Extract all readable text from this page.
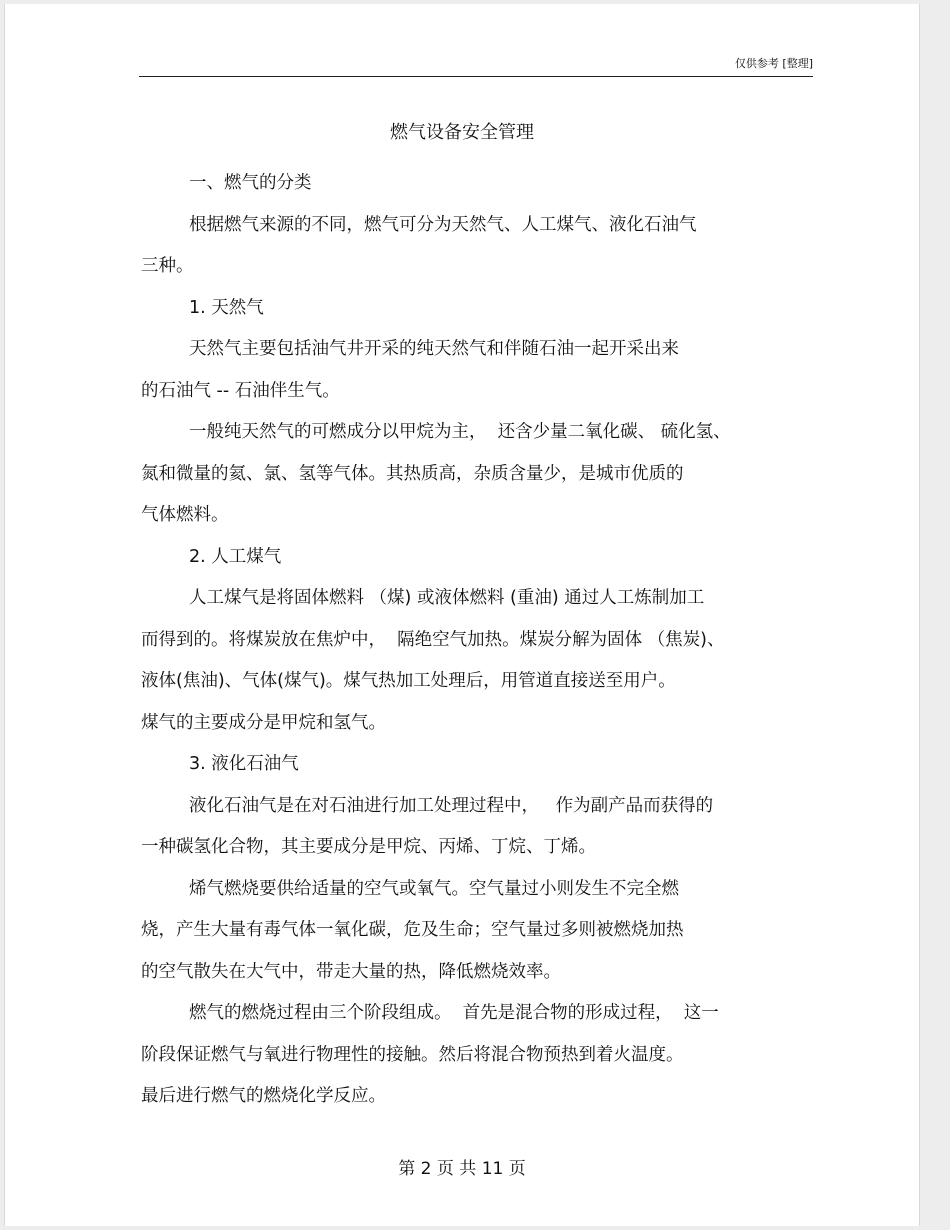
仅供参考 [整理]
燃气设备安全管理
一、燃气的分类
根据燃气来源的不同，燃气可分为天然气、人工煤气、液化石油气
三种。
1. 天然气
天然气主要包括油气井开采的纯天然气和伴随石油一起开采出来
的石油气 -- 石油伴生气。
一般纯天然气的可燃成分以甲烷为主，  还含少量二氧化碳、 硫化氢、
氮和微量的氦、氯、氢等气体。其热质高，杂质含量少，是城市优质的
气体燃料。
2. 人工煤气
人工煤气是将固体燃料 （煤) 或液体燃料 (重油) 通过人工炼制加工
而得到的。将煤炭放在焦炉中，  隔绝空气加热。煤炭分解为固体 （焦炭)、
液体(焦油)、气体(煤气)。煤气热加工处理后，用管道直接送至用户。
煤气的主要成分是甲烷和氢气。
3. 液化石油气
液化石油气是在对石油进行加工处理过程中，   作为副产品而获得的
一种碳氢化合物，其主要成分是甲烷、丙烯、丁烷、丁烯。
烯气燃烧要供给适量的空气或氧气。空气量过小则发生不完全燃
烧，产生大量有毒气体一氧化碳，危及生命；空气量过多则被燃烧加热
的空气散失在大气中，带走大量的热，降低燃烧效率。
燃气的燃烧过程由三个阶段组成。  首先是混合物的形成过程，  这一
阶段保证燃气与氧进行物理性的接触。然后将混合物预热到着火温度。
最后进行燃气的燃烧化学反应。
第 2 页 共 11 页
